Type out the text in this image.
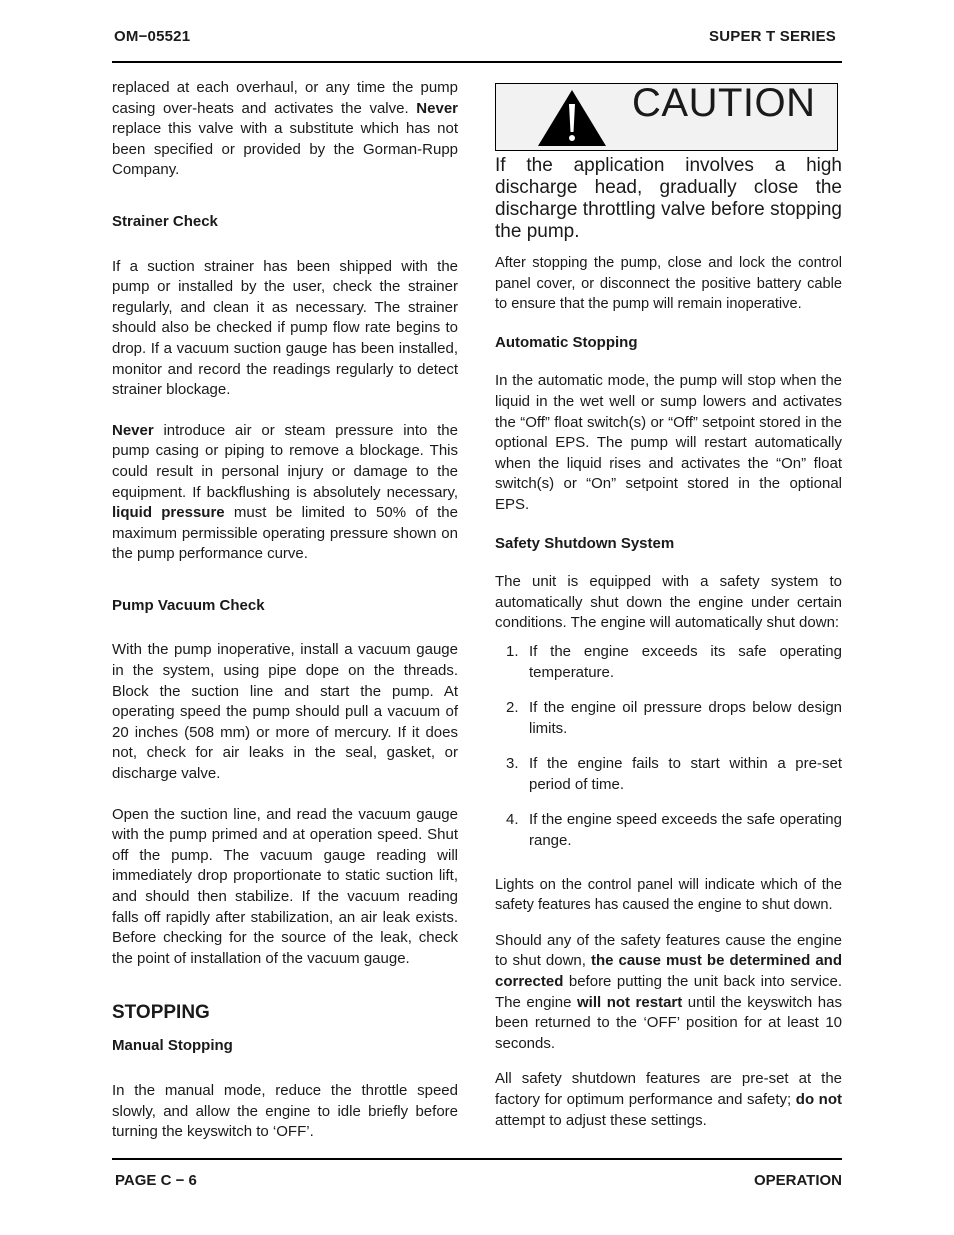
OM−05521	SUPER T SERIES

replaced at each overhaul, or any time the pump casing over-heats and activates the valve. Never replace this valve with a substitute which has not been specified or provided by the Gorman-Rupp Company.

Strainer Check

If a suction strainer has been shipped with the pump or installed by the user, check the strainer regularly, and clean it as necessary. The strainer should also be checked if pump flow rate begins to drop. If a vacuum suction gauge has been installed, monitor and record the readings regularly to detect strainer blockage.

Never introduce air or steam pressure into the pump casing or piping to remove a blockage. This could result in personal injury or damage to the equipment. If backflushing is absolutely necessary, liquid pressure must be limited to 50% of the maximum permissible operating pressure shown on the pump performance curve.

Pump Vacuum Check

With the pump inoperative, install a vacuum gauge in the system, using pipe dope on the threads. Block the suction line and start the pump. At operating speed the pump should pull a vacuum of 20 inches (508 mm) or more of mercury. If it does not, check for air leaks in the seal, gasket, or discharge valve.

Open the suction line, and read the vacuum gauge with the pump primed and at operation speed. Shut off the pump. The vacuum gauge reading will immediately drop proportionate to static suction lift, and should then stabilize. If the vacuum reading falls off rapidly after stabilization, an air leak exists. Before checking for the source of the leak, check the point of installation of the vacuum gauge.

STOPPING
Manual Stopping

In the manual mode, reduce the throttle speed slowly, and allow the engine to idle briefly before turning the keyswitch to ‘OFF’.

CAUTION
If the application involves a high discharge head, gradually close the discharge throttling valve before stopping the pump.

After stopping the pump, close and lock the control panel cover, or disconnect the positive battery cable to ensure that the pump will remain inoperative.

Automatic Stopping

In the automatic mode, the pump will stop when the liquid in the wet well or sump lowers and activates the “Off” float switch(s) or “Off” setpoint stored in the optional EPS. The pump will restart automatically when the liquid rises and activates the “On” float switch(s) or “On” setpoint stored in the optional EPS.

Safety Shutdown System

The unit is equipped with a safety system to automatically shut down the engine under certain conditions. The engine will automatically shut down:

1. If the engine exceeds its safe operating temperature.
2. If the engine oil pressure drops below design limits.
3. If the engine fails to start within a pre-set period of time.
4. If the engine speed exceeds the safe operating range.

Lights on the control panel will indicate which of the safety features has caused the engine to shut down.

Should any of the safety features cause the engine to shut down, the cause must be determined and corrected before putting the unit back into service. The engine will not restart until the keyswitch has been returned to the ‘OFF’ position for at least 10 seconds.

All safety shutdown features are pre-set at the factory for optimum performance and safety; do not attempt to adjust these settings.

PAGE C − 6	OPERATION
